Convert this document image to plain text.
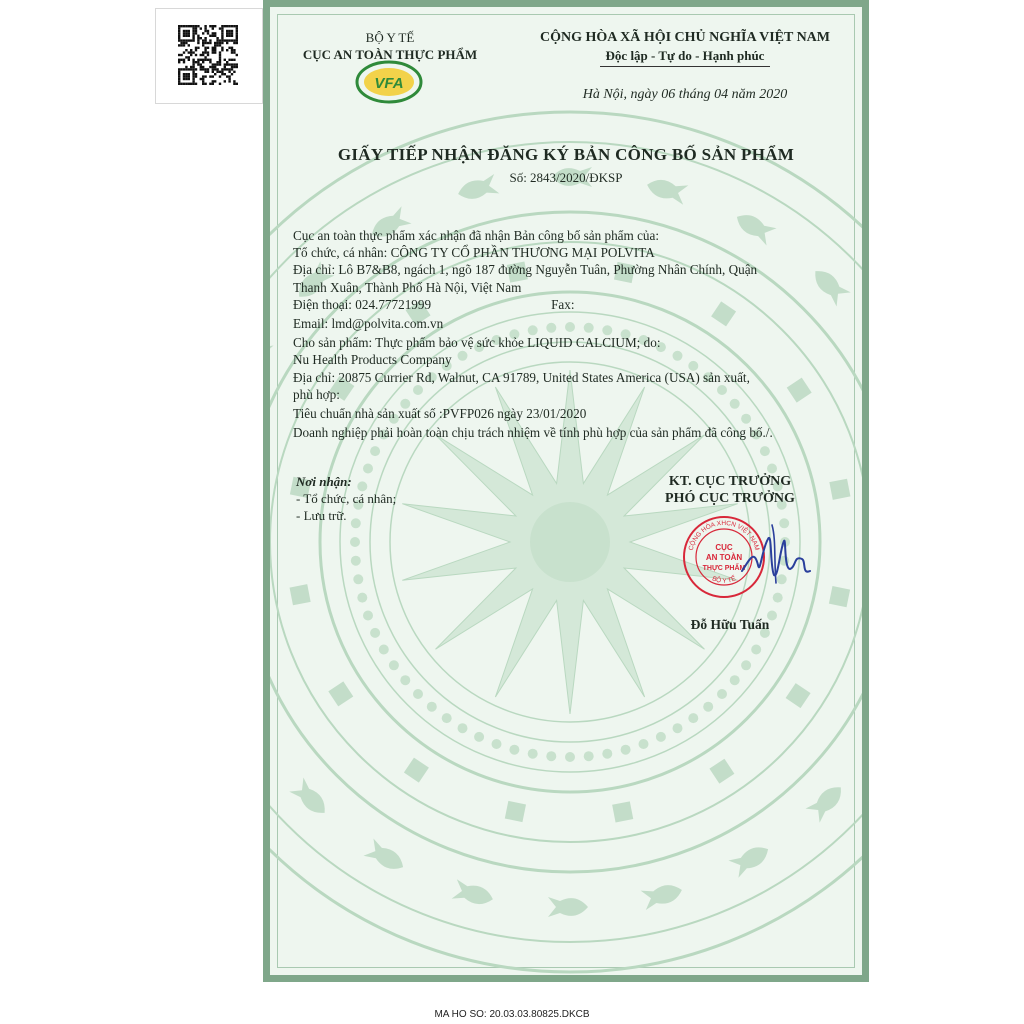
BỘ Y TẾ
CỤC AN TOÀN THỰC PHẨM
VFA
CỘNG HÒA XÃ HỘI CHỦ NGHĨA VIỆT NAM
Độc lập - Tự do - Hạnh phúc
Hà Nội, ngày 06 tháng 04 năm 2020
GIẤY TIẾP NHẬN ĐĂNG KÝ BẢN CÔNG BỐ SẢN PHẨM
Số: 2843/2020/ĐKSP

Cục an toàn thực phẩm xác nhận đã nhận Bản công bố sản phẩm của:

Tổ chức, cá nhân: CÔNG TY CỔ PHẦN THƯƠNG MẠI POLVITA

Địa chỉ: Lô B7&B8, ngách 1, ngõ 187 đường Nguyễn Tuân, Phường Nhân Chính, Quận

Thanh Xuân, Thành Phố Hà Nội, Việt Nam

Điện thoại: 024.77721999	Fax:

Email: lmd@polvita.com.vn

Cho sản phẩm: Thực phẩm bảo vệ sức khỏe LIQUID CALCIUM; do:

Nu Health Products Company

Địa chỉ: 20875 Currier Rd, Walnut, CA 91789, United States America (USA) sản xuất,

phù hợp:

Tiêu chuẩn nhà sản xuất số :PVFP026 ngày 23/01/2020

Doanh nghiệp phải hoàn toàn chịu trách nhiệm về tính phù hợp của sản phẩm đã công bố./.

Nơi nhận:
- Tổ chức, cá nhân;
- Lưu trữ.
KT. CỤC TRƯỞNG
PHÓ CỤC TRƯỞNG
CỘNG HÒA XHCN VIỆT NAM
BỘ Y TẾ
CỤC
AN TOÀN
THỰC PHẨM
Đỗ Hữu Tuấn
MA HO SO: 20.03.03.80825.DKCB
